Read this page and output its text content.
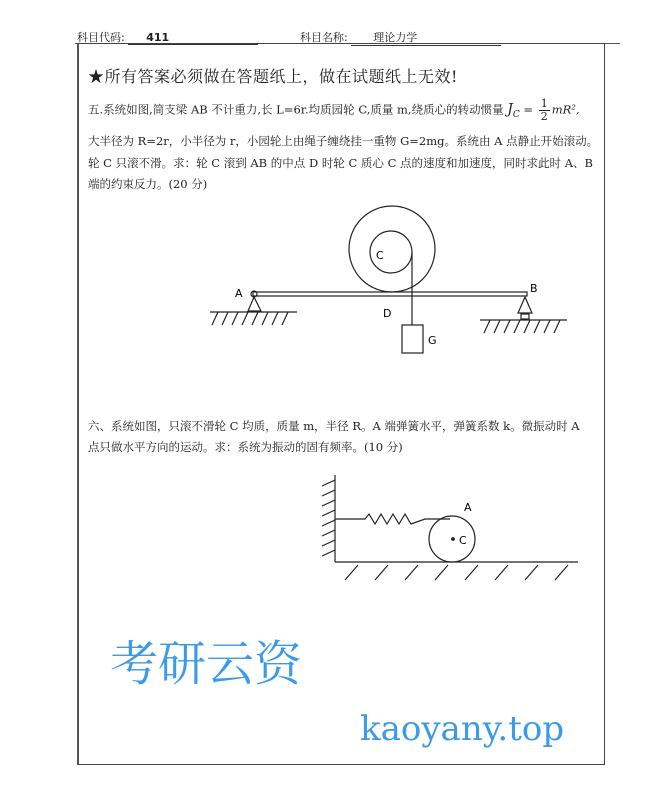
科目代码: 411	科目名称: 理论力学
★所有答案必须做在答题纸上，做在试题纸上无效!
五.系统如图,简支梁 AB 不计重力,长 L=6r.均质园轮 C,质量 m,绕质心的转动惯量 $J_C = \frac{1}{2} mR^2$,
大半径为 R=2r，小半径为 r，小园轮上由绳子缠绕挂一重物 G=2mg。系统由 A 点静止开始滚动。
轮 C 只滚不滑。求：轮 C 滚到 AB 的中点 D 时轮 C 质心 C 点的速度和加速度，同时求此时 A、B
端的约束反力。(20 分)
六、系统如图，只滚不滑轮 C 均质，质量 m，半径 R。A 端弹簧水平，弹簧系数 k。微振动时 A
点只做水平方向的运动。求：系统为振动的固有频率。(10 分)
A	B
C
D
G
A
C
考研云资
kaoyany.top
